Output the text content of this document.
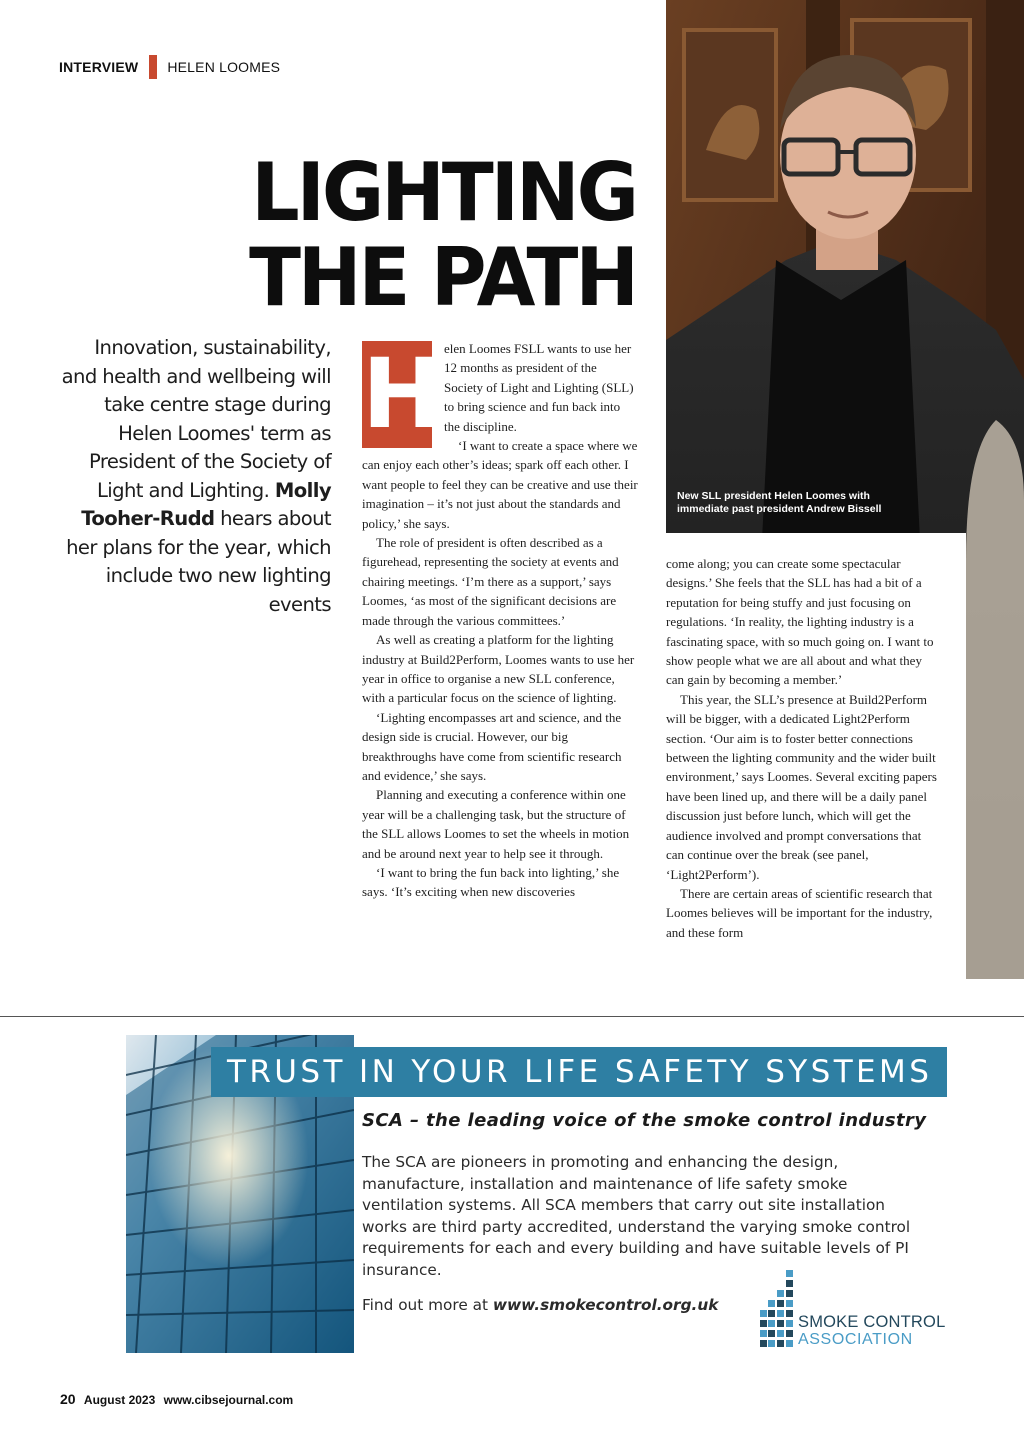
INTERVIEW HELEN LOOMES
LIGHTING
THE PATH

Innovation, sustainability, and health and wellbeing will take centre stage during Helen Loomes' term as President of the Society of Light and Lighting. Molly Tooher-Rudd hears about her plans for the year, which include two new lighting events

New SLL president Helen Loomes with immediate past president Andrew Bissell
H elen Loomes FSLL wants to use her 12 months as president of the Society of Light and Lighting (SLL) to bring science and fun back into the discipline.

‘I want to create a space where we can enjoy each other’s ideas; spark off each other. I want people to feel they can be creative and use their imagination – it’s not just about the standards and policy,’ she says.

The role of president is often described as a figurehead, representing the society at events and chairing meetings. ‘I’m there as a support,’ says Loomes, ‘as most of the significant decisions are made through the various committees.’

As well as creating a platform for the lighting industry at Build2Perform, Loomes wants to use her year in office to organise a new SLL conference, with a particular focus on the science of lighting.

‘Lighting encompasses art and science, and the design side is crucial. However, our big breakthroughs have come from scientific research and evidence,’ she says.

Planning and executing a conference within one year will be a challenging task, but the structure of the SLL allows Loomes to set the wheels in motion and be around next year to help see it through.

‘I want to bring the fun back into lighting,’ she says. ‘It’s exciting when new discoveries

come along; you can create some spectacular designs.’ She feels that the SLL has had a bit of a reputation for being stuffy and just focusing on regulations. ‘In reality, the lighting industry is a fascinating space, with so much going on. I want to show people what we are all about and what they can gain by becoming a member.’

This year, the SLL’s presence at Build2Perform will be bigger, with a dedicated Light2Perform section. ‘Our aim is to foster better connections between the lighting community and the wider built environment,’ says Loomes. Several exciting papers have been lined up, and there will be a daily panel discussion just before lunch, which will get the audience involved and prompt conversations that can continue over the break (see panel, ‘Light2Perform’).

There are certain areas of scientific research that Loomes believes will be important for the industry, and these form

TRUST IN YOUR LIFE SAFETY SYSTEMS
SCA – the leading voice of the smoke control industry

The SCA are pioneers in promoting and enhancing the design, manufacture, installation and maintenance of life safety smoke ventilation systems. All SCA members that carry out site installation works are third party accredited, understand the varying smoke control requirements for each and every building and have suitable levels of PI insurance.

Find out more at www.smokecontrol.org.uk

SMOKE CONTROL
ASSOCIATION
20 August 2023 www.cibsejournal.com
